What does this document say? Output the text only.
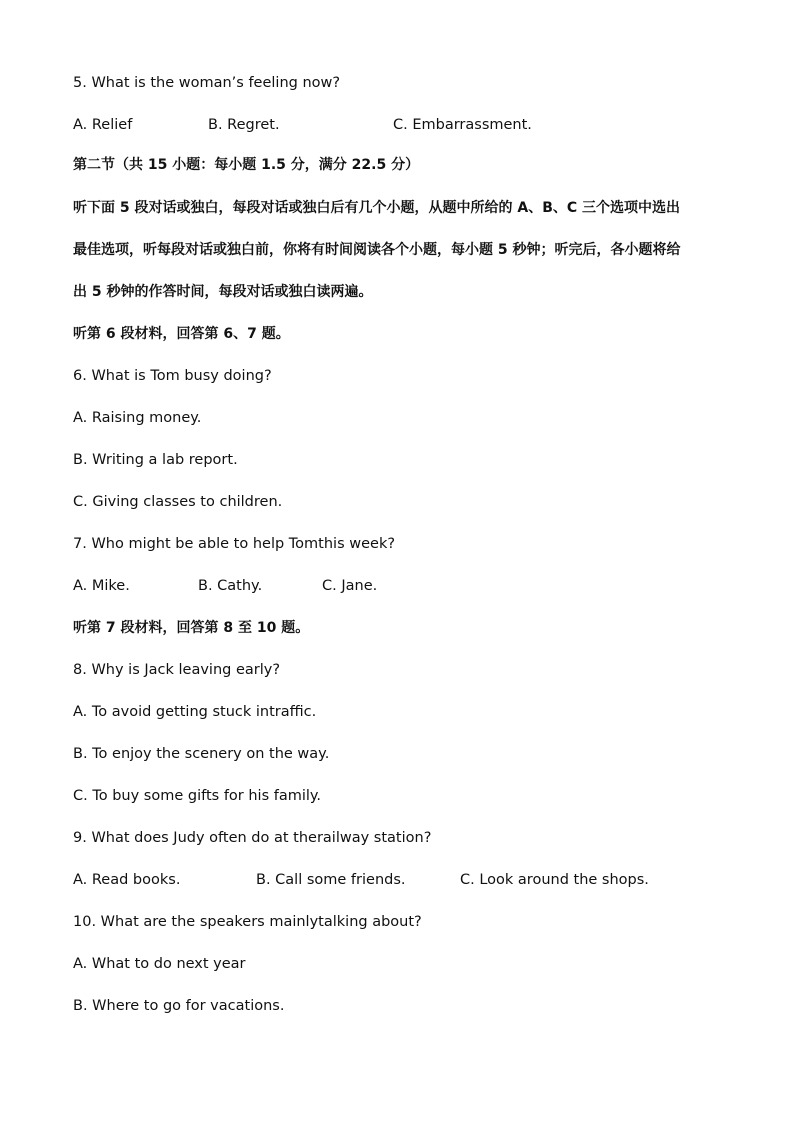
5. What is the woman’s feeling now?
A. Relief	B. Regret.	C. Embarrassment.
第二节（共 15 小题：每小题 1.5 分，满分 22.5 分）
听下面 5 段对话或独白，每段对话或独白后有几个小题，从题中所给的 A、B、C 三个选项中选出
最佳选项，听每段对话或独白前，你将有时间阅读各个小题，每小题 5 秒钟；听完后，各小题将给
出 5 秒钟的作答时间，每段对话或独白读两遍。
听第 6 段材料，回答第 6、7 题。
6. What is Tom busy doing?
A. Raising money.
B. Writing a lab report.
C. Giving classes to children.
7. Who might be able to help Tomthis week?
A. Mike.	B. Cathy.	C. Jane.
听第 7 段材料，回答第 8 至 10 题。
8. Why is Jack leaving early?
A. To avoid getting stuck intraffic.
B. To enjoy the scenery on the way.
C. To buy some gifts for his family.
9. What does Judy often do at therailway station?
A. Read books.	B. Call some friends.	C. Look around the shops.
10. What are the speakers mainlytalking about?
A. What to do next year
B. Where to go for vacations.
